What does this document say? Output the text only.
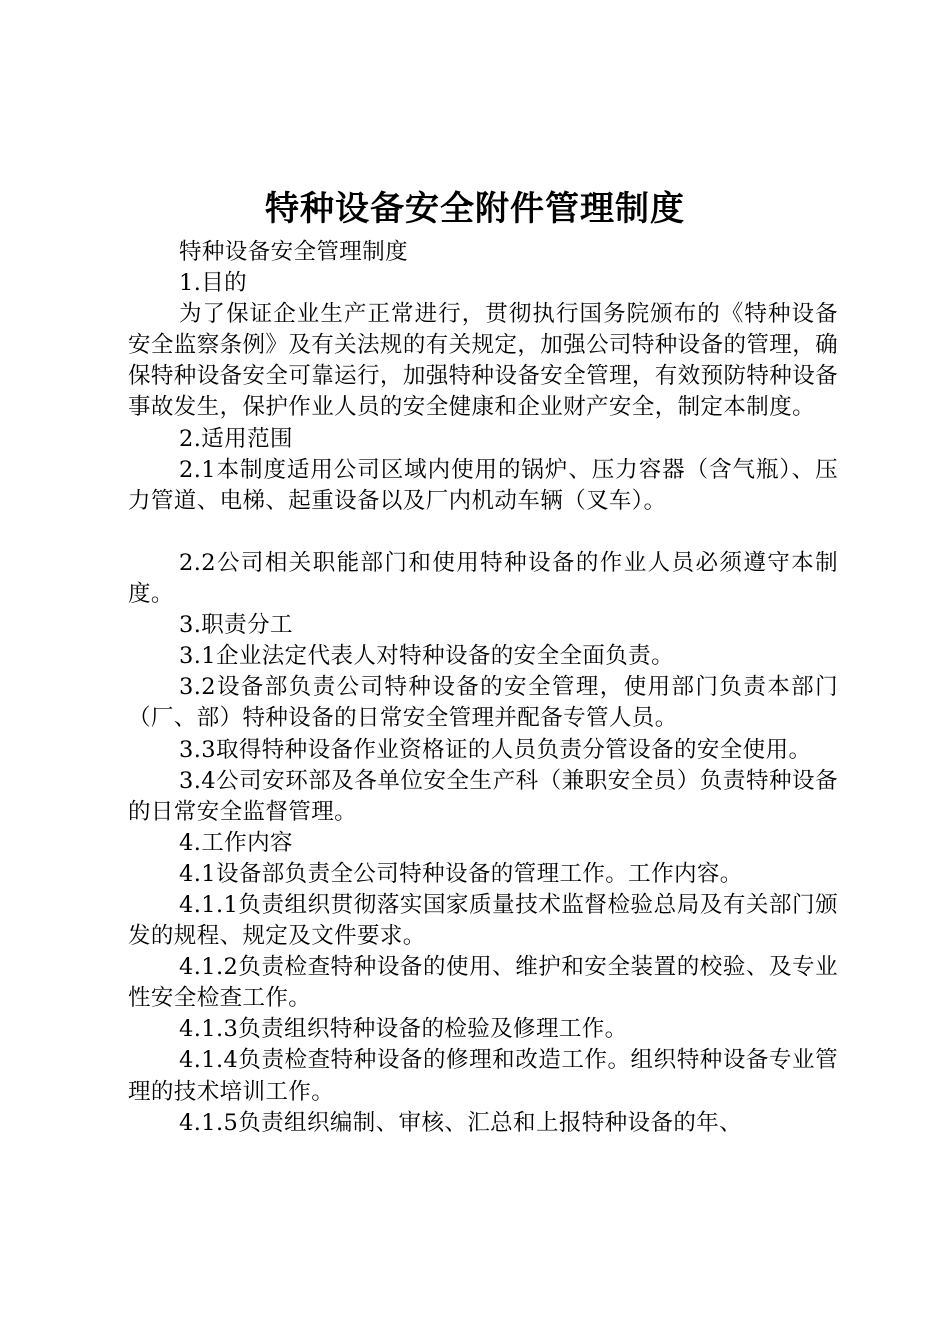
特种设备安全附件管理制度

特种设备安全管理制度

1.目的

为了保证企业生产正常进行，贯彻执行国务院颁布的《特种设备安全监察条例》及有关法规的有关规定，加强公司特种设备的管理，确保特种设备安全可靠运行，加强特种设备安全管理，有效预防特种设备事故发生，保护作业人员的安全健康和企业财产安全，制定本制度。

2.适用范围

2.1本制度适用公司区域内使用的锅炉、压力容器（含气瓶）、压力管道、电梯、起重设备以及厂内机动车辆（叉车）。

2.2公司相关职能部门和使用特种设备的作业人员必须遵守本制度。

3.职责分工

3.1企业法定代表人对特种设备的安全全面负责。

3.2设备部负责公司特种设备的安全管理，使用部门负责本部门（厂、部）特种设备的日常安全管理并配备专管人员。

3.3取得特种设备作业资格证的人员负责分管设备的安全使用。

3.4公司安环部及各单位安全生产科（兼职安全员）负责特种设备的日常安全监督管理。

4.工作内容

4.1设备部负责全公司特种设备的管理工作。工作内容。

4.1.1负责组织贯彻落实国家质量技术监督检验总局及有关部门颁发的规程、规定及文件要求。

4.1.2负责检查特种设备的使用、维护和安全装置的校验、及专业性安全检查工作。

4.1.3负责组织特种设备的检验及修理工作。

4.1.4负责检查特种设备的修理和改造工作。组织特种设备专业管理的技术培训工作。

4.1.5负责组织编制、审核、汇总和上报特种设备的年、
